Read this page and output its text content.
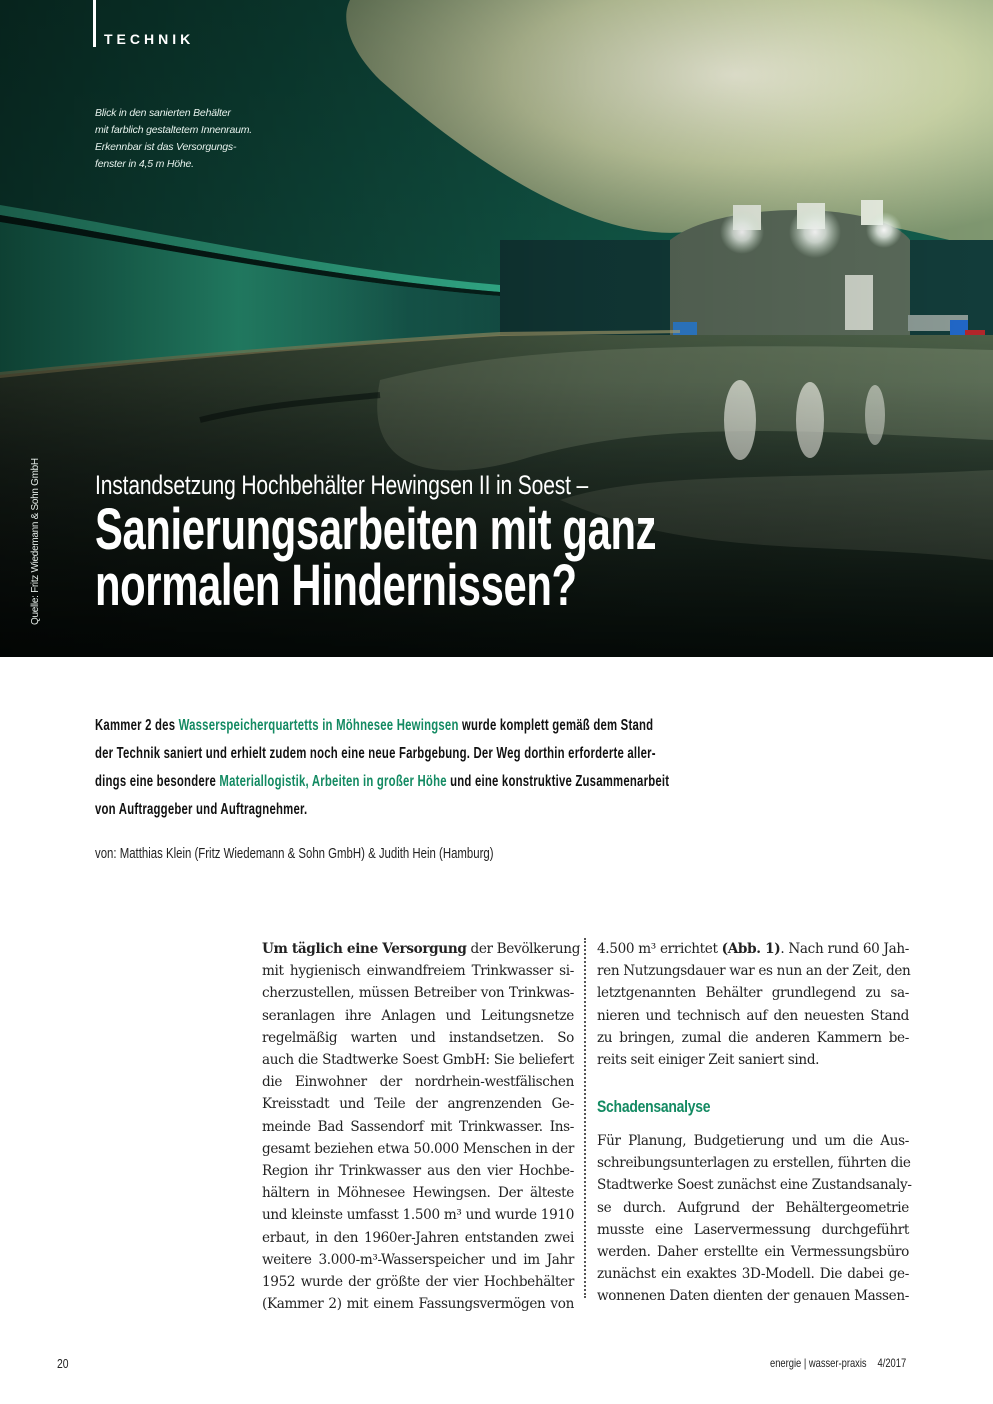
TECHNIK
Blick in den sanierten Behälter
mit farblich gestaltetem Innenraum.
Erkennbar ist das Versorgungs-
fenster in 4,5 m Höhe.
Quelle: Fritz Wiedemann & Sohn GmbH Instandsetzung Hochbehälter Hewingsen II in Soest –
Sanierungsarbeiten mit ganz
normalen Hindernissen?
Kammer 2 des Wasserspeicherquartetts in Möhnesee Hewingsen wurde komplett gemäß dem Stand
der Technik saniert und erhielt zudem noch eine neue Farbgebung. Der Weg dorthin erforderte aller-
dings eine besondere Materiallogistik, Arbeiten in großer Höhe und eine konstruktive Zusammenarbeit
von Auftraggeber und Auftragnehmer.
von: Matthias Klein (Fritz Wiedemann & Sohn GmbH) & Judith Hein (Hamburg)
Um täglich eine Versorgung der Bevölkerung
mit hygienisch einwandfreiem Trinkwasser si-
cherzustellen, müssen Betreiber von Trinkwas-
seranlagen ihre Anlagen und Leitungsnetze
regelmäßig warten und instandsetzen. So
auch die Stadtwerke Soest GmbH: Sie beliefert
die Einwohner der nordrhein-westfälischen
Kreisstadt und Teile der angrenzenden Ge-
meinde Bad Sassendorf mit Trinkwasser. Ins-
gesamt beziehen etwa 50.000 Menschen in der
Region ihr Trinkwasser aus den vier Hochbe-
hältern in Möhnesee Hewingsen. Der älteste
und kleinste umfasst 1.500 m³ und wurde 1910
erbaut, in den 1960er-Jahren entstanden zwei
weitere 3.000-m³-Wasserspeicher und im Jahr
1952 wurde der größte der vier Hochbehälter
(Kammer 2) mit einem Fassungsvermögen von
4.500 m³ errichtet (Abb. 1). Nach rund 60 Jah-
ren Nutzungsdauer war es nun an der Zeit, den
letztgenannten Behälter grundlegend zu sa-
nieren und technisch auf den neuesten Stand
zu bringen, zumal die anderen Kammern be-
reits seit einiger Zeit saniert sind.
Schadensanalyse
Für Planung, Budgetierung und um die Aus-
schreibungsunterlagen zu erstellen, führten die
Stadtwerke Soest zunächst eine Zustandsanaly-
se durch. Aufgrund der Behältergeometrie
musste eine Laservermessung durchgeführt
werden. Daher erstellte ein Vermessungsbüro
zunächst ein exaktes 3D-Modell. Die dabei ge-
wonnenen Daten dienten der genauen Massen-
20	energie | wasser-praxis 4/2017
